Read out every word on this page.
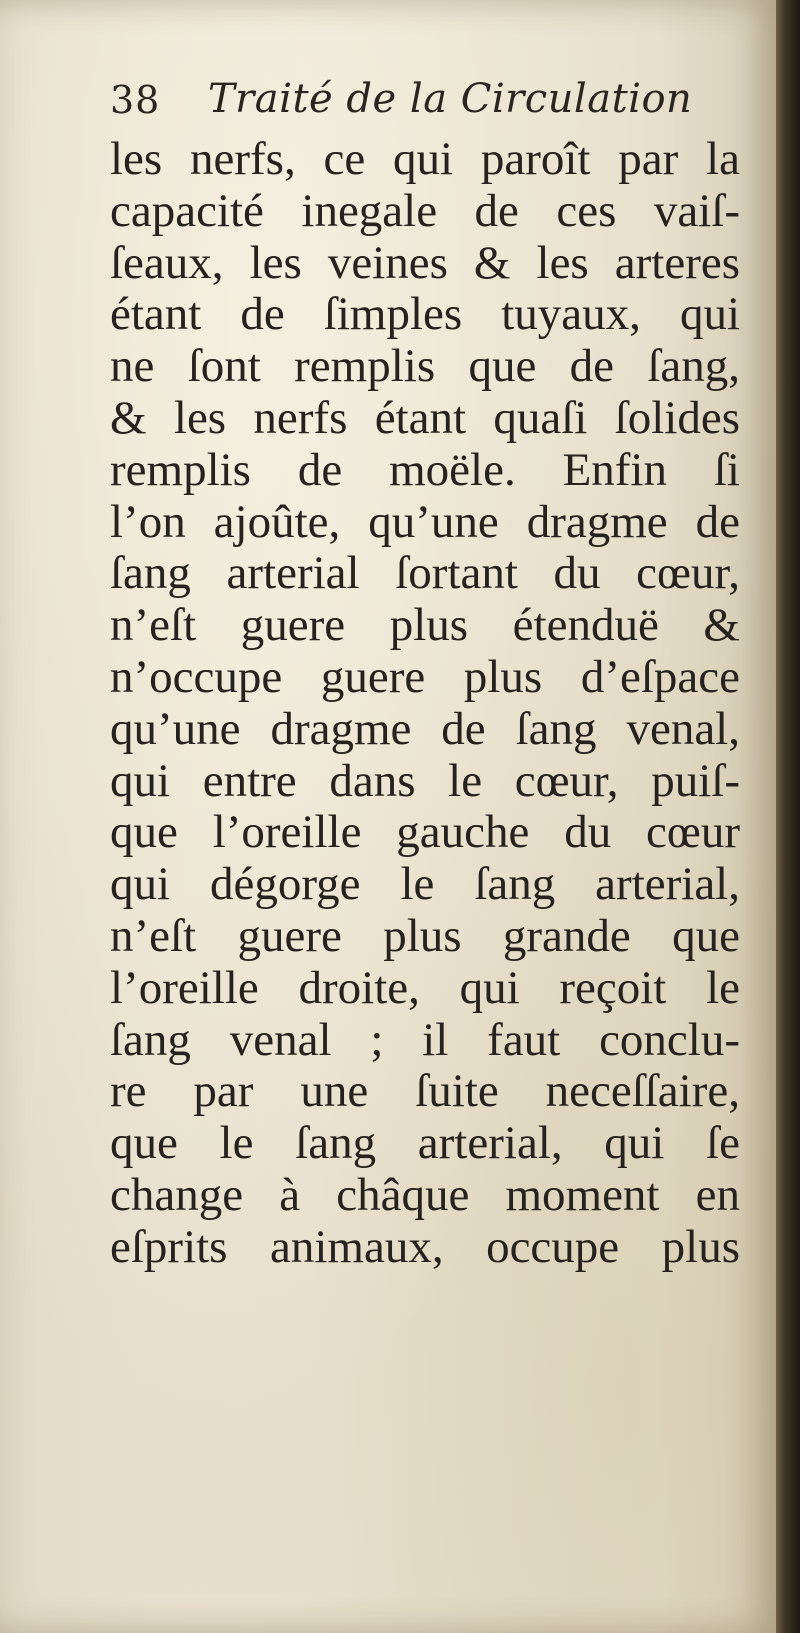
38 Traité de la Circulation
les nerfs, ce qui paroît par la
capacité inegale de ces vaiſ-
ſeaux, les veines & les arteres
étant de ſimples tuyaux, qui
ne ſont remplis que de ſang,
& les nerfs étant quaſi ſolides
remplis de moële. Enfin ſi
l’on ajoûte, qu’une dragme de
ſang arterial ſortant du cœur,
n’eſt guere plus étenduë &
n’occupe guere plus d’eſpace
qu’une dragme de ſang venal,
qui entre dans le cœur, puiſ-
que l’oreille gauche du cœur
qui dégorge le ſang arterial,
n’eſt guere plus grande que
l’oreille droite, qui reçoit le
ſang venal ; il faut conclu-
re par une ſuite neceſſaire,
que le ſang arterial, qui ſe
change à châque moment en
eſprits animaux, occupe plus
